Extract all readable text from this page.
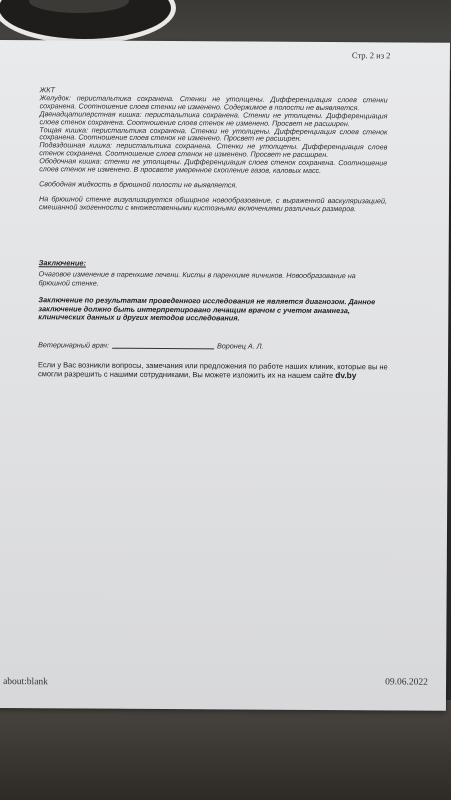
Стр. 2 из 2

ЖКТ

Желудок: перистальтика сохранена. Стенки не утолщены. Дифференциация слоев стенки сохранена. Соотношение слоев стенки не изменено. Содержимое в полости не выявляется.

Двенадцатиперстная кишка: перистальтика сохранена. Стенки не утолщены. Дифференциация слоев стенок сохранена. Соотношение слоев стенок не изменено. Просвет не расширен.

Тощая кишка: перистальтика сохранена. Стенки не утолщены. Дифференциация слоев стенок сохранена. Соотношение слоев стенок не изменено. Просвет не расширен.

Подвздошная кишка: перистальтика сохранена. Стенки не утолщены. Дифференциация слоев стенок сохранена. Соотношение слоев стенок не изменено. Просвет не расширен.

Ободочная кишка: стенки не утолщены. Дифференциация слоев стенок сохранена. Соотношение слоев стенок не изменено. В просвете умеренное скопление газов, каловых масс.

Свободная жидкость в брюшной полости не выявляется.

На брюшной стенке визуализируется обширное новообразование, с выраженной васкуляризацией, смешанной эхогенности с множественными кистозными включениями различных размеров.

Заключение:
Очаговое изменение в паренхиме печени. Кисты в паренхиме яичников. Новообразование на брюшной стенке.
Заключение по результатам проведенного исследования не является диагнозом. Данное заключение должно быть интерпретировано лечащим врачом с учетом анамнеза, клинических данных и других методов исследования.
Ветеринарный врач:	Воронец А. Л.
Если у Вас возникли вопросы, замечания или предложения по работе наших клиник, которые вы не смогли разрешить с нашими сотрудниками, Вы можете изложить их на нашем сайте dv.by
about:blank	09.06.2022
